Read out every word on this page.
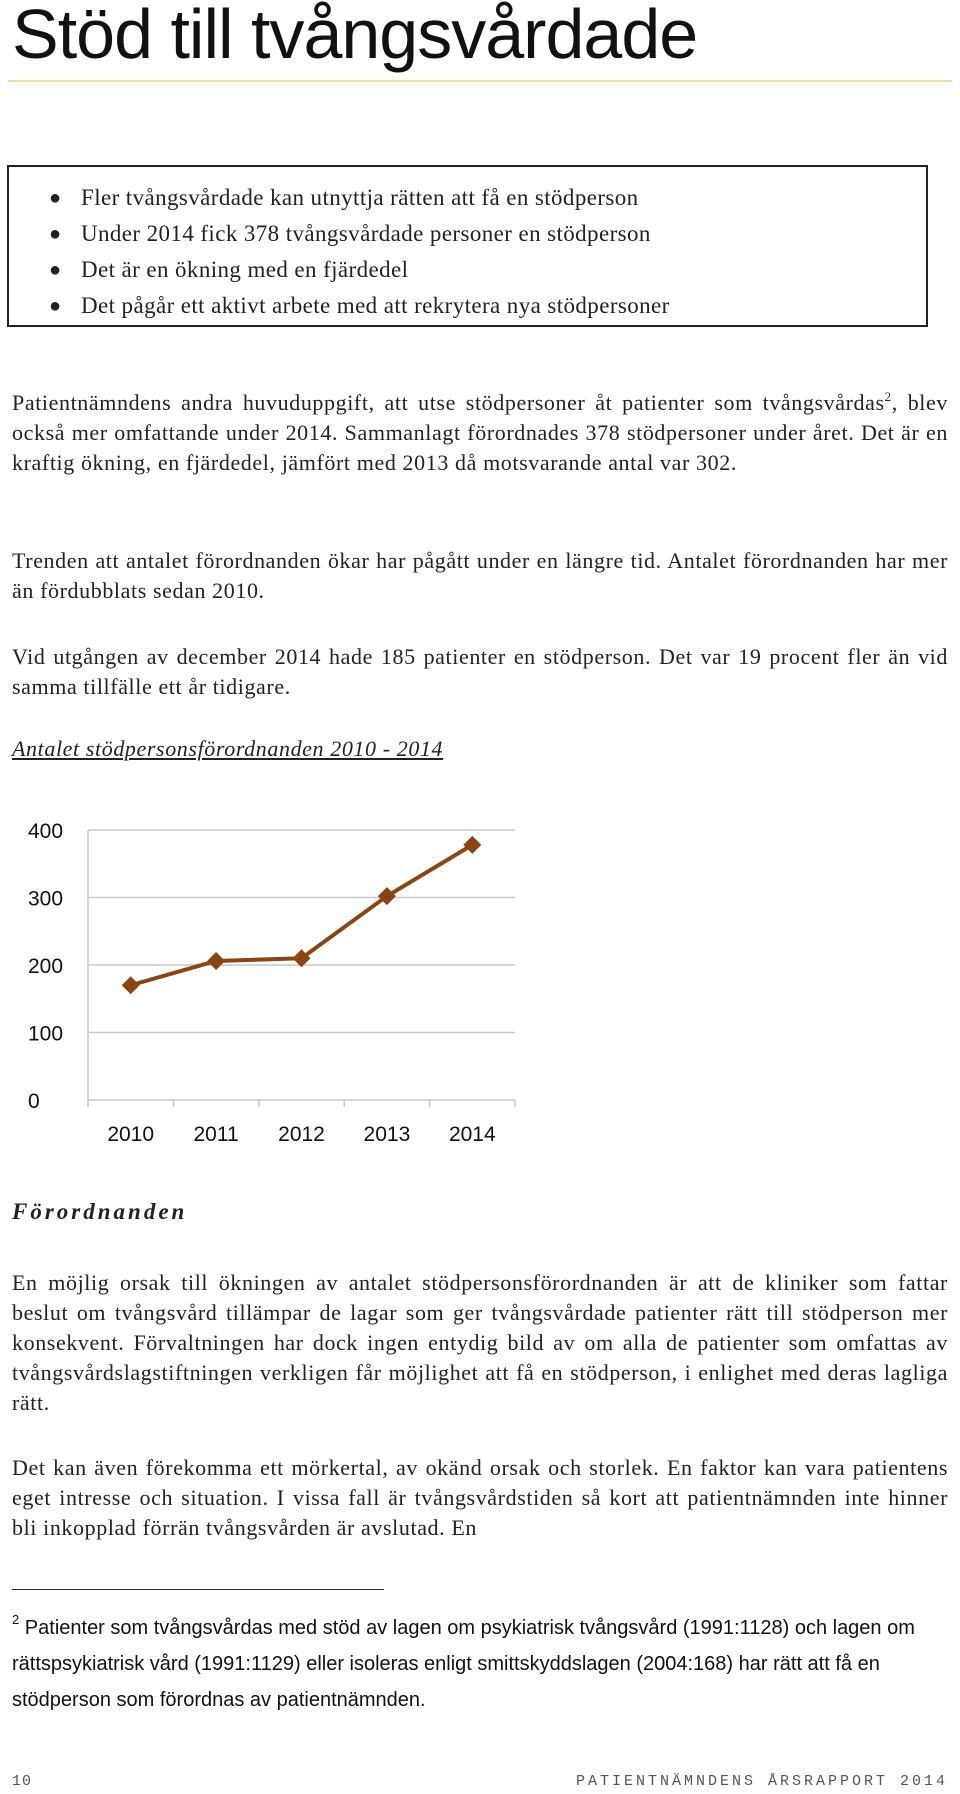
Stöd till tvångsvårdade
● Fler tvångsvårdade kan utnyttja rätten att få en stödperson
● Under 2014 fick 378 tvångsvårdade personer en stödperson
● Det är en ökning med en fjärdedel
● Det pågår ett aktivt arbete med att rekrytera nya stödpersoner

Patientnämndens andra huvuduppgift, att utse stödpersoner åt patienter som tvångsvårdas$^2$, blev också mer omfattande under 2014. Sammanlagt förordnades 378 stödpersoner under året. Det är en kraftig ökning, en fjärdedel, jämfört med 2013 då motsvarande antal var 302.

Trenden att antalet förordnanden ökar har pågått under en längre tid. Antalet förordnanden har mer än fördubblats sedan 2010.

Vid utgången av december 2014 hade 185 patienter en stödperson. Det var 19 procent fler än vid samma tillfälle ett år tidigare.

Antalet stödpersonsförordnanden 2010 - 2014
0
100
200
300
400
2010 2011 2012 2013 2014
Förordnanden

En möjlig orsak till ökningen av antalet stödpersonsförordnanden är att de kliniker som fattar beslut om tvångsvård tillämpar de lagar som ger tvångsvårdade patienter rätt till stödperson mer konsekvent. Förvaltningen har dock ingen entydig bild av om alla de patienter som omfattas av tvångsvårdslagstiftningen verkligen får möjlighet att få en stödperson, i enlighet med deras lagliga rätt.

Det kan även förekomma ett mörkertal, av okänd orsak och storlek. En faktor kan vara patientens eget intresse och situation. I vissa fall är tvångsvårdstiden så kort att patientnämnden inte hinner bli inkopplad förrän tvångsvården är avslutad. En

$^2$ Patienter som tvångsvårdas med stöd av lagen om psykiatrisk tvångsvård (1991:1128) och lagen om rättspsykiatrisk vård (1991:1129) eller isoleras enligt smittskyddslagen (2004:168) har rätt att få en stödperson som förordnas av patientnämnden.
10	PATIENTNÄMNDENS ÅRSRAPPORT 2014
